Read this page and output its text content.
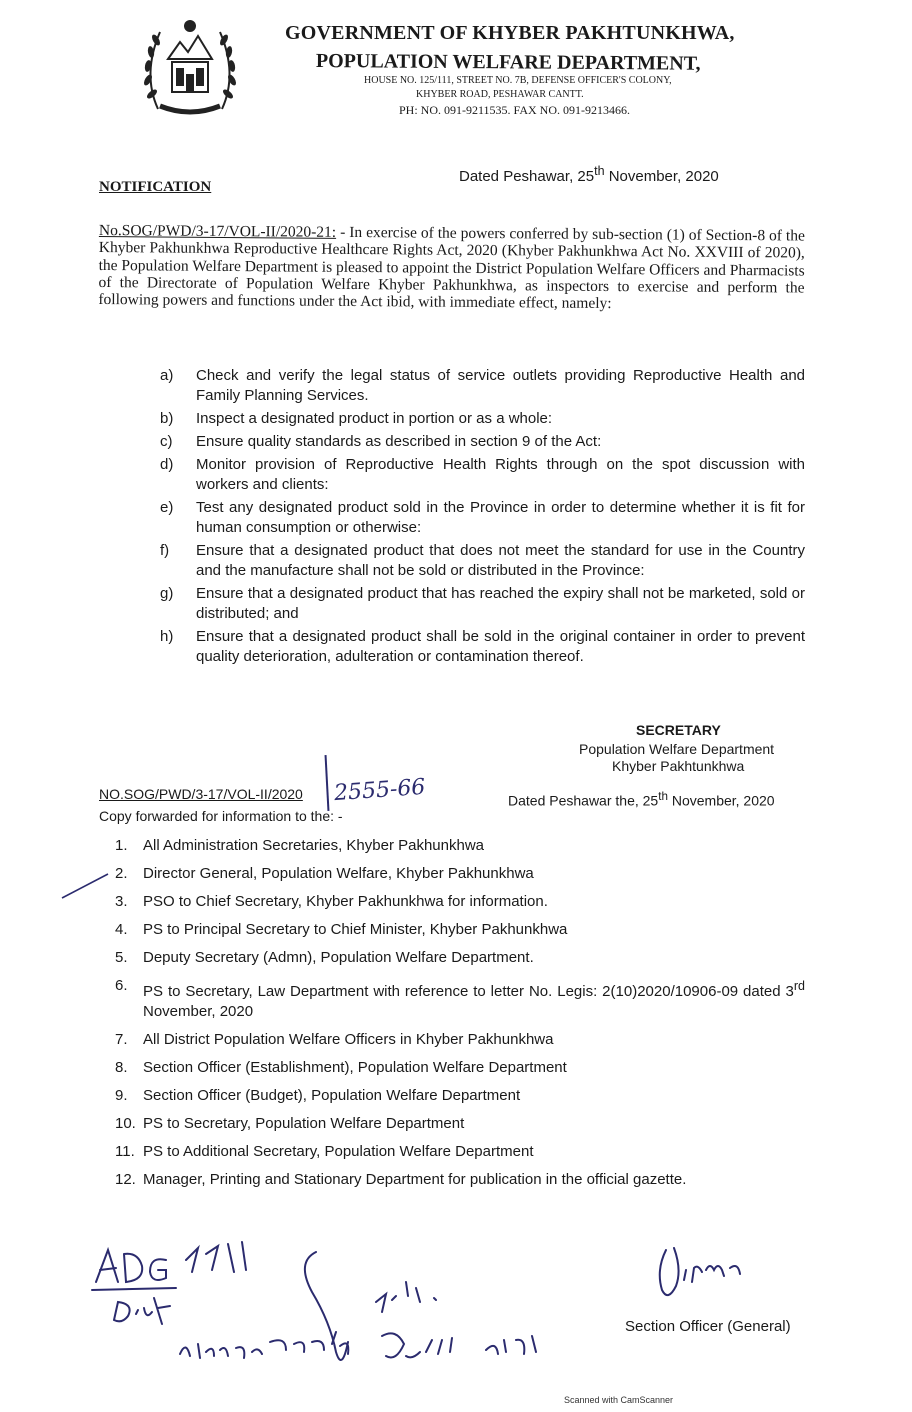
GOVERNMENT OF KHYBER PAKHTUNKHWA,
POPULATION WELFARE DEPARTMENT,
HOUSE NO. 125/111, STREET NO. 7B, DEFENSE OFFICER'S COLONY,
KHYBER ROAD, PESHAWAR CANTT.
PH: NO. 091-9211535. FAX NO. 091-9213466.
Dated Peshawar, 25th November, 2020
NOTIFICATION
No.SOG/PWD/3-17/VOL-II/2020-21: - In exercise of the powers conferred by sub-section (1) of Section-8 of the Khyber Pakhunkhwa Reproductive Healthcare Rights Act, 2020 (Khyber Pakhunkhwa Act No. XXVIII of 2020), the Population Welfare Department is pleased to appoint the District Population Welfare Officers and Pharmacists of the Directorate of Population Welfare Khyber Pakhunkhwa, as inspectors to exercise and perform the following powers and functions under the Act ibid, with immediate effect, namely:
a) Check and verify the legal status of service outlets providing Reproductive Health and Family Planning Services.
b) Inspect a designated product in portion or as a whole:
c) Ensure quality standards as described in section 9 of the Act:
d) Monitor provision of Reproductive Health Rights through on the spot discussion with workers and clients:
e) Test any designated product sold in the Province in order to determine whether it is fit for human consumption or otherwise:
f) Ensure that a designated product that does not meet the standard for use in the Country and the manufacture shall not be sold or distributed in the Province:
g) Ensure that a designated product that has reached the expiry shall not be marketed, sold or distributed; and
h) Ensure that a designated product shall be sold in the original container in order to prevent quality deterioration, adulteration or contamination thereof.
SECRETARY
Population Welfare Department
Khyber Pakhtunkhwa
NO.SOG/PWD/3-17/VOL-II/2020 2555-66	Dated Peshawar the, 25th November, 2020
Copy forwarded for information to the: -
1. All Administration Secretaries, Khyber Pakhunkhwa
2. Director General, Population Welfare, Khyber Pakhunkhwa
3. PSO to Chief Secretary, Khyber Pakhunkhwa for information.
4. PS to Principal Secretary to Chief Minister, Khyber Pakhunkhwa
5. Deputy Secretary (Admn), Population Welfare Department.
6. PS to Secretary, Law Department with reference to letter No. Legis: 2(10)2020/10906-09 dated 3rd November, 2020
7. All District Population Welfare Officers in Khyber Pakhunkhwa
8. Section Officer (Establishment), Population Welfare Department
9. Section Officer (Budget), Population Welfare Department
10. PS to Secretary, Population Welfare Department
11. PS to Additional Secretary, Population Welfare Department
12. Manager, Printing and Stationary Department for publication in the official gazette.
Section Officer (General)
Scanned with CamScanner
